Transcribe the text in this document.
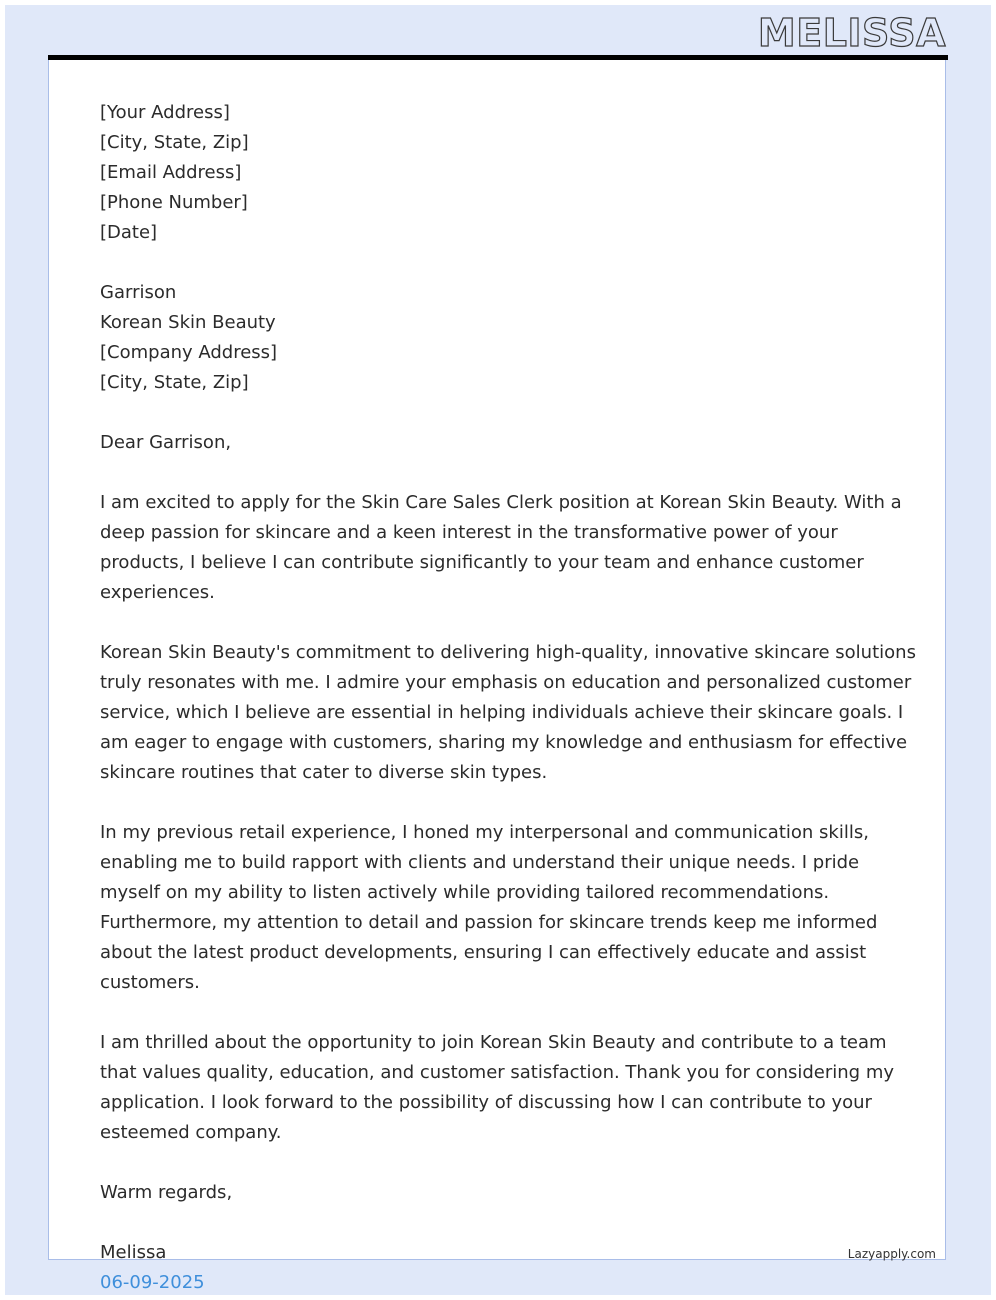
MELISSA
[Your Address]
[City, State, Zip]
[Email Address]
[Phone Number]
[Date]
Garrison
Korean Skin Beauty
[Company Address]
[City, State, Zip]
Dear Garrison,

I am excited to apply for the Skin Care Sales Clerk position at Korean Skin Beauty. With a
deep passion for skincare and a keen interest in the transformative power of your
products, I believe I can contribute significantly to your team and enhance customer
experiences.

Korean Skin Beauty's commitment to delivering high-quality, innovative skincare solutions
truly resonates with me. I admire your emphasis on education and personalized customer
service, which I believe are essential in helping individuals achieve their skincare goals. I
am eager to engage with customers, sharing my knowledge and enthusiasm for effective
skincare routines that cater to diverse skin types.

In my previous retail experience, I honed my interpersonal and communication skills,
enabling me to build rapport with clients and understand their unique needs. I pride
myself on my ability to listen actively while providing tailored recommendations.
Furthermore, my attention to detail and passion for skincare trends keep me informed
about the latest product developments, ensuring I can effectively educate and assist
customers.

I am thrilled about the opportunity to join Korean Skin Beauty and contribute to a team
that values quality, education, and customer satisfaction. Thank you for considering my
application. I look forward to the possibility of discussing how I can contribute to your
esteemed company.

Warm regards,
Melissa
06-09-2025
Lazyapply.com
